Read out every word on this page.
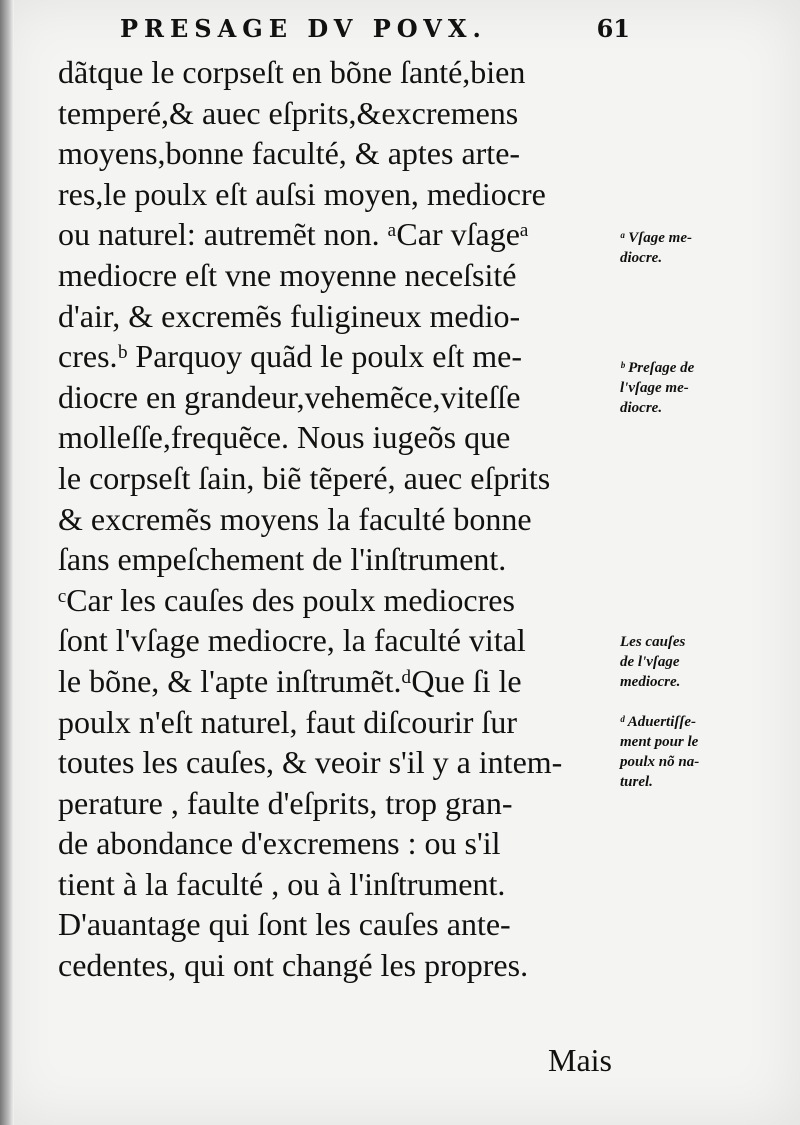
PRESAGE DV POVX.	61
dãtque le corpseſt en bõne ſanté,bien
temperé,& auec eſprits,&excremens
moyens,bonne faculté, & aptes arte-
res,le poulx eſt auſsi moyen, mediocre
ou naturel: autremẽt non. ᵃCar vſageᵃ
mediocre eſt vne moyenne neceſsité
d'air, & excremẽs fuligineux medio-
cres.ᵇ Parquoy quãd le poulx eſt me-
diocre en grandeur,vehemẽce,viteſſe
molleſſe,frequẽce. Nous iugeõs que
le corpseſt ſain, biẽ tẽperé, auec eſprits
& excremẽs moyens la faculté bonne
ſans empeſchement de l'inſtrument.
ᶜCar les cauſes des poulx mediocres
ſont l'vſage mediocre, la faculté vital
le bõne, & l'apte inſtrumẽt.ᵈQue ſi le
poulx n'eſt naturel, faut diſcourir ſur
toutes les cauſes, & veoir s'il y a intem-
perature , faulte d'eſprits, trop gran-
de abondance d'excremens : ou s'il
tient à la faculté , ou à l'inſtrument.
D'auantage qui ſont les cauſes ante-
cedentes, qui ont changé les propres.
Mais
ᵃ Vſage me-
diocre.
ᵇ Preſage de
l'vſage me-
diocre.
Les cauſes
de l'vſage
mediocre.
ᵈ Aduertiſſe-
ment pour le
poulx nõ na-
turel.
